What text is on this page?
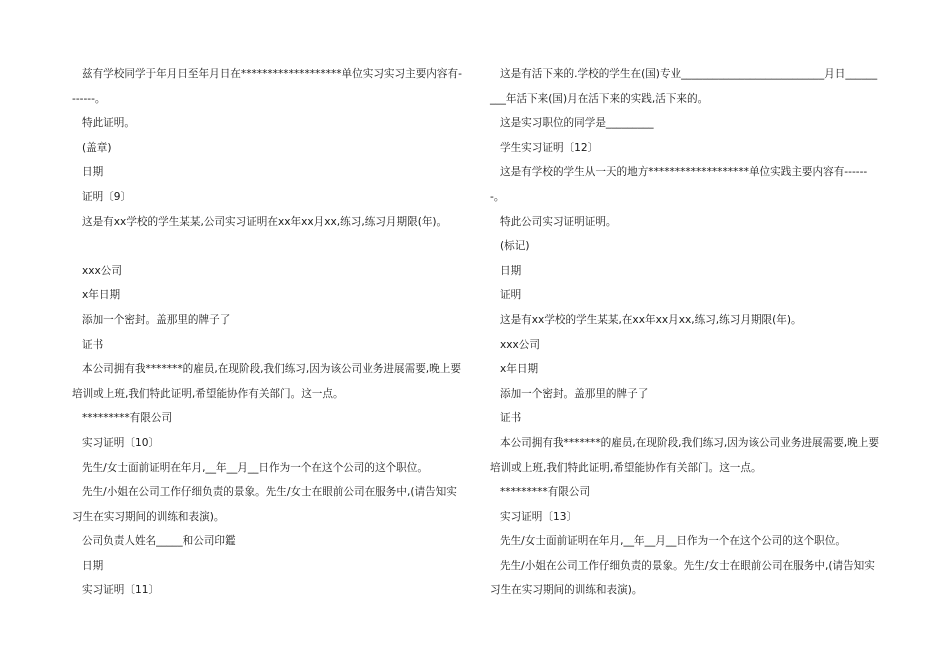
兹有学校同学于年月日至年月日在*******************单位实习实习主要内容有-------。

特此证明。

(盖章)

日期

证明〔9〕

这是有xx学校的学生某某,公司实习证明在xx年xx月xx,练习,练习月期限(年)。

xxx公司

x年日期

添加一个密封。盖那里的牌子了

证书

本公司拥有我*******的雇员,在现阶段,我们练习,因为该公司业务进展需要,晚上要培训或上班,我们特此证明,希望能协作有关部门。这一点。

*********有限公司

实习证明〔10〕

先生/女士面前证明在年月,__年__月__日作为一个在这个公司的这个职位。

先生/小姐在公司工作仔细负责的景象。先生/女士在眼前公司在服务中,(请告知实习生在实习期间的训练和表演)。

公司负责人姓名_____和公司印鑑

日期

实习证明〔11〕

这是有活下来的.学校的学生在(国)专业___________________________月日_________年活下来(国)月在活下来的实践,活下来的。

这是实习职位的同学是_________

学生实习证明〔12〕

这是有学校的学生从一天的地方*******************单位实践主要内容有-------。

特此公司实习证明证明。

(标记)

日期

证明

这是有xx学校的学生某某,在xx年xx月xx,练习,练习月期限(年)。

xxx公司

x年日期

添加一个密封。盖那里的牌子了

证书

本公司拥有我*******的雇员,在现阶段,我们练习,因为该公司业务进展需要,晚上要培训或上班,我们特此证明,希望能协作有关部门。这一点。

*********有限公司

实习证明〔13〕

先生/女士面前证明在年月,__年__月__日作为一个在这个公司的这个职位。

先生/小姐在公司工作仔细负责的景象。先生/女士在眼前公司在服务中,(请告知实习生在实习期间的训练和表演)。
